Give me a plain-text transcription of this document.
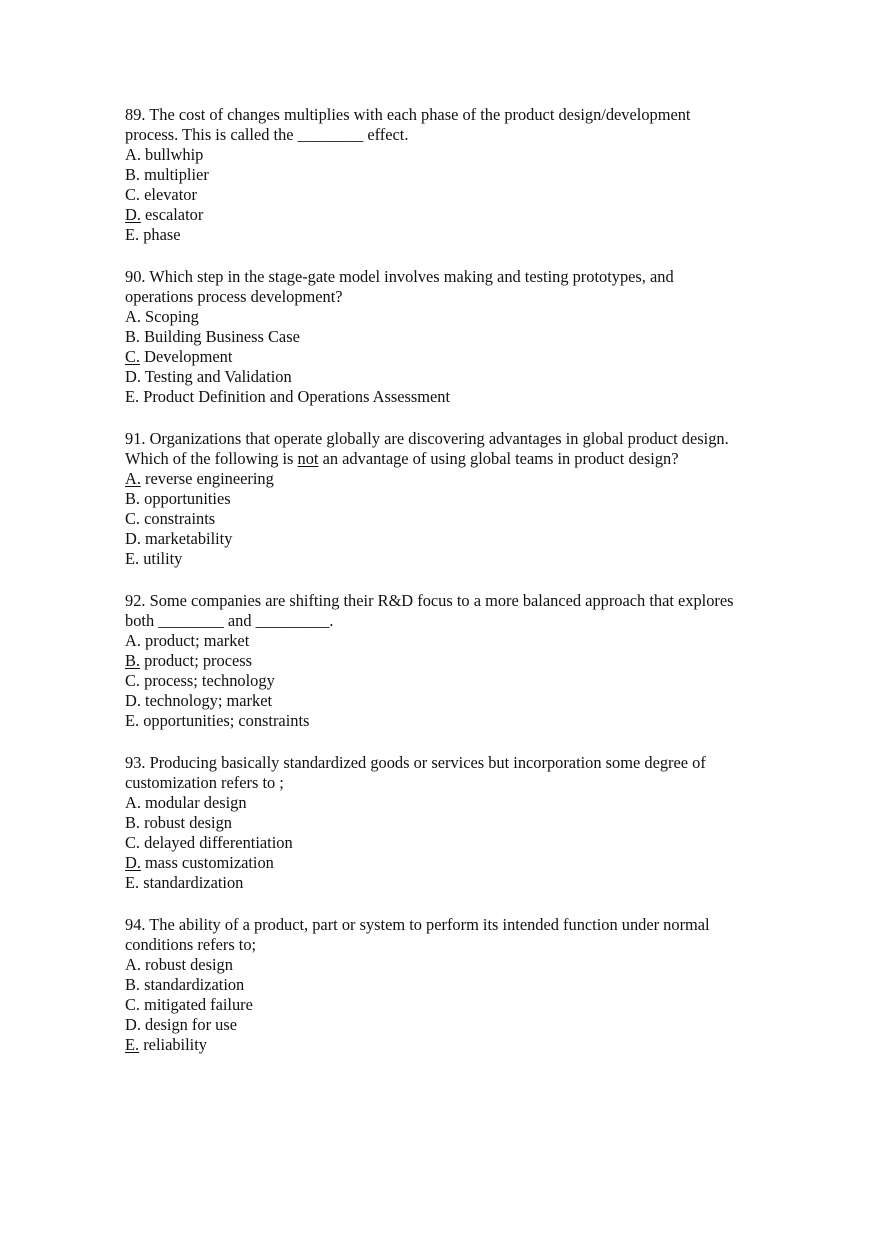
89. The cost of changes multiplies with each phase of the product design/development
process. This is called the ________ effect.
A. bullwhip
B. multiplier
C. elevator
D. escalator
E. phase
90. Which step in the stage-gate model involves making and testing prototypes, and
operations process development?
A. Scoping
B. Building Business Case
C. Development
D. Testing and Validation
E. Product Definition and Operations Assessment
91. Organizations that operate globally are discovering advantages in global product design.
Which of the following is not an advantage of using global teams in product design?
A. reverse engineering
B. opportunities
C. constraints
D. marketability
E. utility
92. Some companies are shifting their R&D focus to a more balanced approach that explores
both ________ and _________.
A. product; market
B. product; process
C. process; technology
D. technology; market
E. opportunities; constraints
93. Producing basically standardized goods or services but incorporation some degree of
customization refers to ;
A. modular design
B. robust design
C. delayed differentiation
D. mass customization
E. standardization
94. The ability of a product, part or system to perform its intended function under normal
conditions refers to;
A. robust design
B. standardization
C. mitigated failure
D. design for use
E. reliability
